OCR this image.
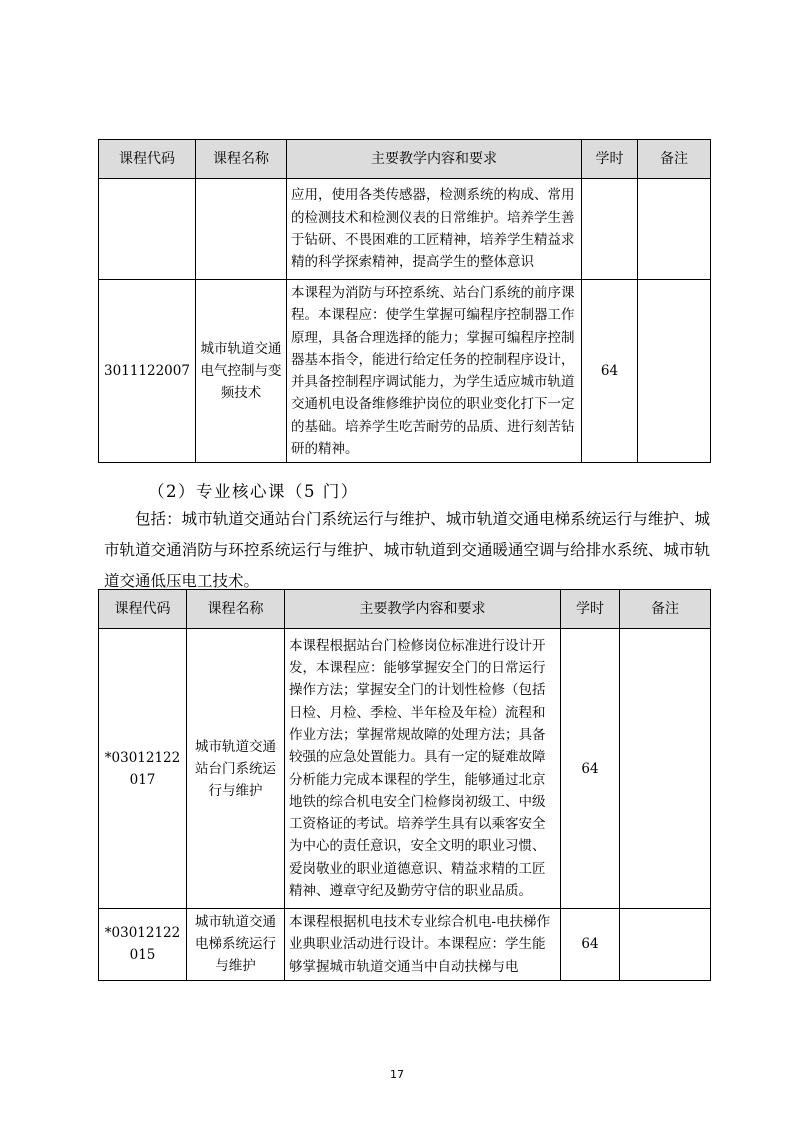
课程代码	课程名称	主要教学内容和要求	学时	备注
		应用，使用各类传感器，检测系统的构成、常用的检测技术和检测仪表的日常维护。培养学生善于钻研、不畏困难的工匠精神，培养学生精益求精的科学探索精神，提高学生的整体意识		
3011122007	城市轨道交通电气控制与变频技术	本课程为消防与环控系统、站台门系统的前序课程。本课程应：使学生掌握可编程序控制器工作原理，具备合理选择的能力；掌握可编程序控制器基本指令，能进行给定任务的控制程序设计，并具备控制程序调试能力，为学生适应城市轨道交通机电设备维修维护岗位的职业变化打下一定的基础。培养学生吃苦耐劳的品质、进行刻苦钻研的精神。	64	
（2）专业核心课（5 门）

包括：城市轨道交通站台门系统运行与维护、城市轨道交通电梯系统运行与维护、城市轨道交通消防与环控系统运行与维护、城市轨道到交通暖通空调与给排水系统、城市轨道交通低压电工技术。

课程代码	课程名称	主要教学内容和要求	学时	备注
*03012122017	城市轨道交通站台门系统运行与维护	本课程根据站台门检修岗位标准进行设计开发，本课程应：能够掌握安全门的日常运行操作方法；掌握安全门的计划性检修（包括日检、月检、季检、半年检及年检）流程和作业方法；掌握常规故障的处理方法；具备较强的应急处置能力。具有一定的疑难故障分析能力完成本课程的学生，能够通过北京地铁的综合机电安全门检修岗初级工、中级工资格证的考试。培养学生具有以乘客安全为中心的责任意识，安全文明的职业习惯、爱岗敬业的职业道德意识、精益求精的工匠精神、遵章守纪及勤劳守信的职业品质。	64	
*03012122015	城市轨道交通电梯系统运行与维护	本课程根据机电技术专业综合机电-电扶梯作业典职业活动进行设计。本课程应：学生能够掌握城市轨道交通当中自动扶梯与电	64	
17
